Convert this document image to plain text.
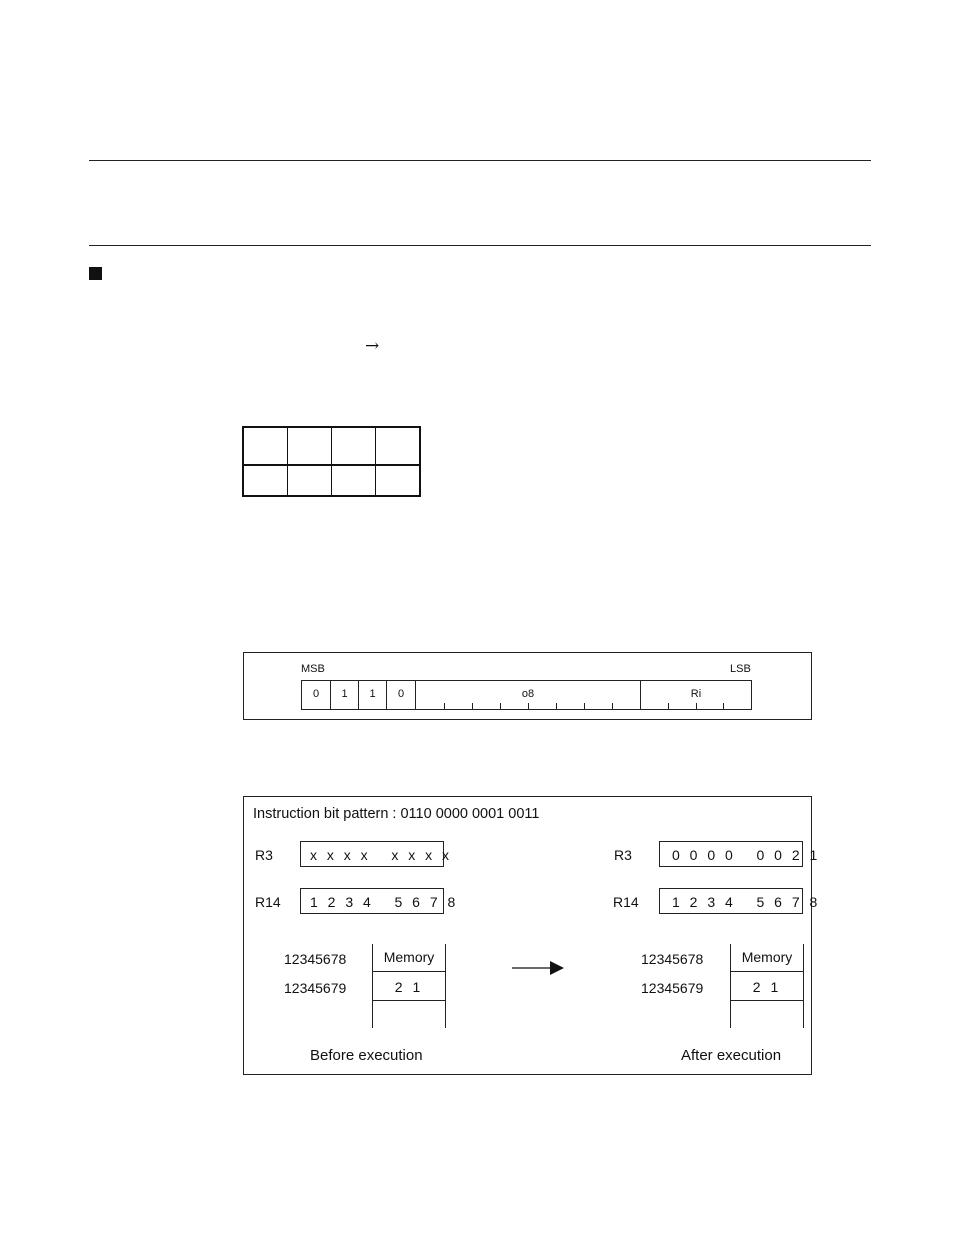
→

MSB	LSB
0	1	1	0	o8	Ri
Instruction bit pattern : 0110 0000 0001 0011
R3	x x x x   x x x x
R14	1 2 3 4   5 6 7 8
12345678
12345679
Memory
2 1
Before execution
R3	0 0 0 0   0 0 2 1
R14	1 2 3 4   5 6 7 8
12345678
12345679
Memory
2 1
After execution
